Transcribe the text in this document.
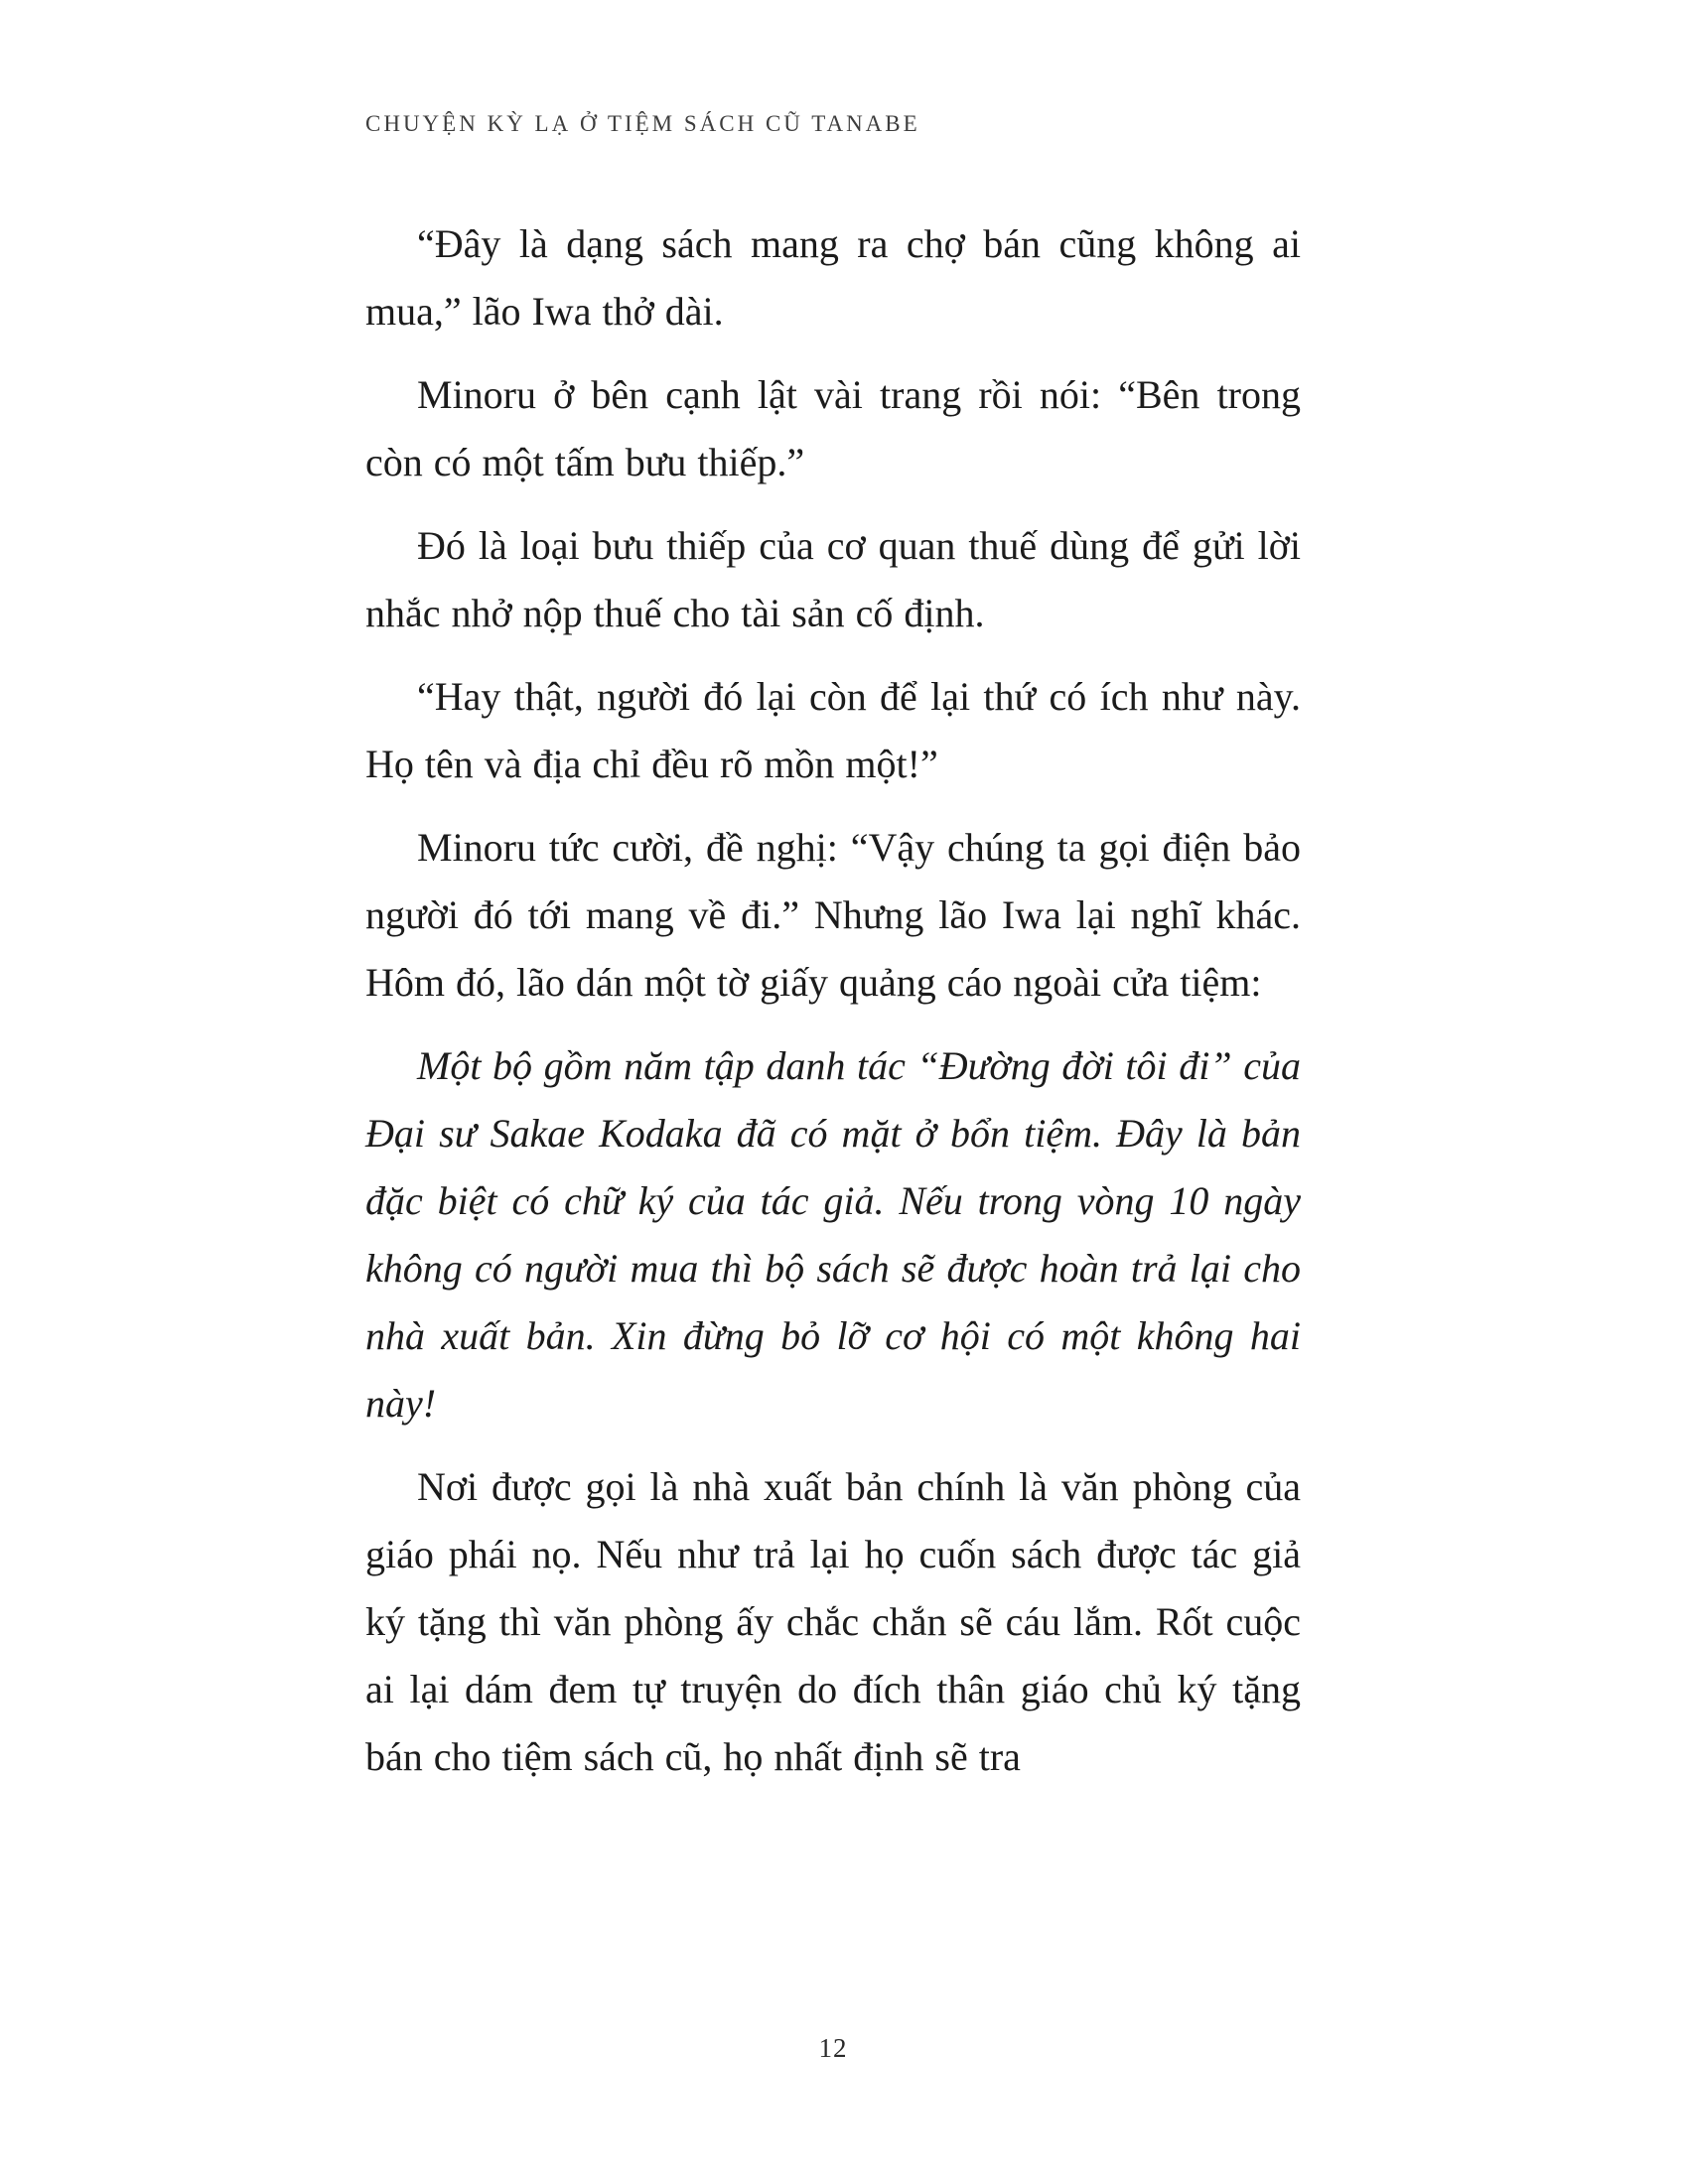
CHUYỆN KỲ LẠ Ở TIỆM SÁCH CŨ TANABE

“Đây là dạng sách mang ra chợ bán cũng không ai mua,” lão Iwa thở dài.

Minoru ở bên cạnh lật vài trang rồi nói: “Bên trong còn có một tấm bưu thiếp.”

Đó là loại bưu thiếp của cơ quan thuế dùng để gửi lời nhắc nhở nộp thuế cho tài sản cố định.

“Hay thật, người đó lại còn để lại thứ có ích như này. Họ tên và địa chỉ đều rõ mồn một!”

Minoru tức cười, đề nghị: “Vậy chúng ta gọi điện bảo người đó tới mang về đi.” Nhưng lão Iwa lại nghĩ khác. Hôm đó, lão dán một tờ giấy quảng cáo ngoài cửa tiệm:

Một bộ gồm năm tập danh tác “Đường đời tôi đi” của Đại sư Sakae Kodaka đã có mặt ở bổn tiệm. Đây là bản đặc biệt có chữ ký của tác giả. Nếu trong vòng 10 ngày không có người mua thì bộ sách sẽ được hoàn trả lại cho nhà xuất bản. Xin đừng bỏ lỡ cơ hội có một không hai này!

Nơi được gọi là nhà xuất bản chính là văn phòng của giáo phái nọ. Nếu như trả lại họ cuốn sách được tác giả ký tặng thì văn phòng ấy chắc chắn sẽ cáu lắm. Rốt cuộc ai lại dám đem tự truyện do đích thân giáo chủ ký tặng bán cho tiệm sách cũ, họ nhất định sẽ tra

12
